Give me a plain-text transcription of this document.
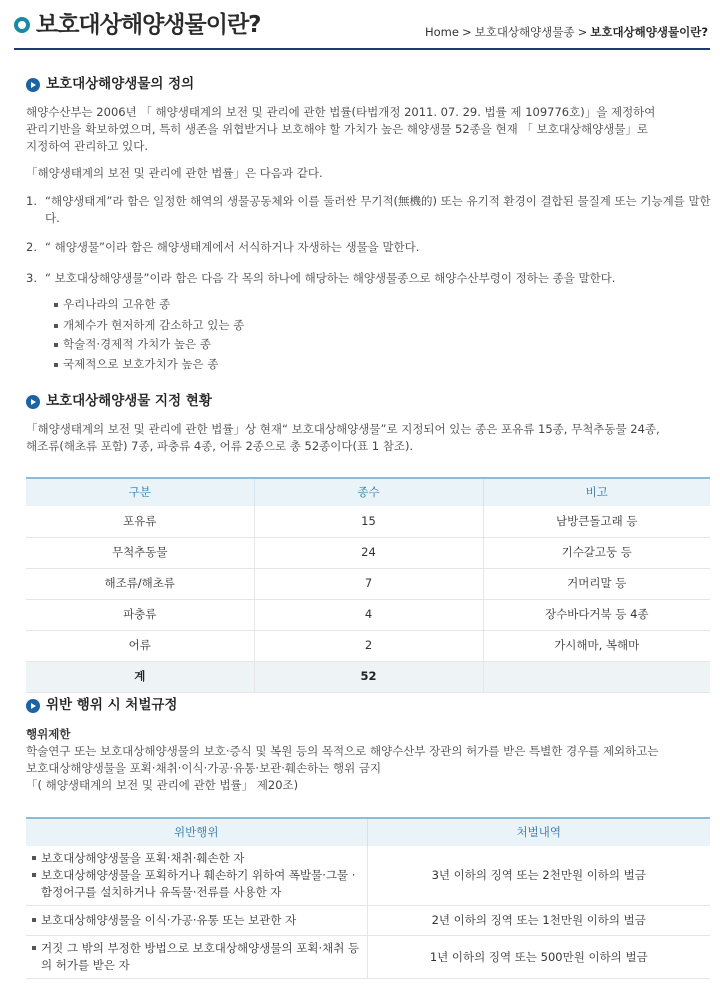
보호대상해양생물이란?	Home > 보호대상해양생물종 > 보호대상해양생물이란?
보호대상해양생물의 정의
해양수산부는 2006년 「 해양생태계의 보전 및 관리에 관한 법률(타법개정 2011. 07. 29. 법률 제 109776호)」을 제정하여
관리기반을 확보하였으며, 특히 생존을 위협받거나 보호해야 할 가치가 높은 해양생물 52종을 현재 「 보호대상해양생물」로
지정하여 관리하고 있다.
「해양생태계의 보전 및 관리에 관한 법률」은 다음과 같다.
1. “해양생태계”라 함은 일정한 해역의 생물공동체와 이를 둘러싼 무기적(無機的) 또는 유기적 환경이 결합된 물질계 또는 기능계를 말한다.
2. “ 해양생물”이라 함은 해양생태계에서 서식하거나 자생하는 생물을 말한다.
3. “ 보호대상해양생물”이라 함은 다음 각 목의 하나에 해당하는 해양생물종으로 해양수산부령이 정하는 종을 말한다.
우리나라의 고유한 종
개체수가 현저하게 감소하고 있는 종
학술적·경제적 가치가 높은 종
국제적으로 보호가치가 높은 종
보호대상해양생물 지정 현황
「해양생태계의 보전 및 관리에 관한 법률」상 현재“ 보호대상해양생물”로 지정되어 있는 종은 포유류 15종, 무척추동물 24종,
해조류(해초류 포함) 7종, 파충류 4종, 어류 2종으로 총 52종이다(표 1 참조).
구분	종수	비고
포유류	15	남방큰돌고래 등
무척추동물	24	기수갈고둥 등
해조류/해초류	7	거머리말 등
파충류	4	장수바다거북 등 4종
어류	2	가시해마, 복해마
계	52	
위반 행위 시 처벌규정
행위제한
학술연구 또는 보호대상해양생물의 보호·증식 및 복원 등의 목적으로 해양수산부 장관의 허가를 받은 특별한 경우를 제외하고는
보호대상해양생물을 포획·채취·이식·가공·유통·보관·훼손하는 행위 금지
「( 해양생태계의 보전 및 관리에 관한 법률」 제20조)
위반행위	처벌내역

보호대상해양생물을 포획·채취·훼손한 자
보호대상해양생물을 포획하거나 훼손하기 위하여 폭발물·그물 ·함정어구를 설치하거나 유독물·전류를 사용한 자	3년 이하의 징역 또는 2천만원 이하의 벌금

보호대상해양생물을 이식·가공·유통 또는 보관한 자	2년 이하의 징역 또는 1천만원 이하의 벌금

거짓 그 밖의 부정한 방법으로 보호대상해양생물의 포획·채취 등의 허가를 받은 자	1년 이하의 징역 또는 500만원 이하의 벌금
